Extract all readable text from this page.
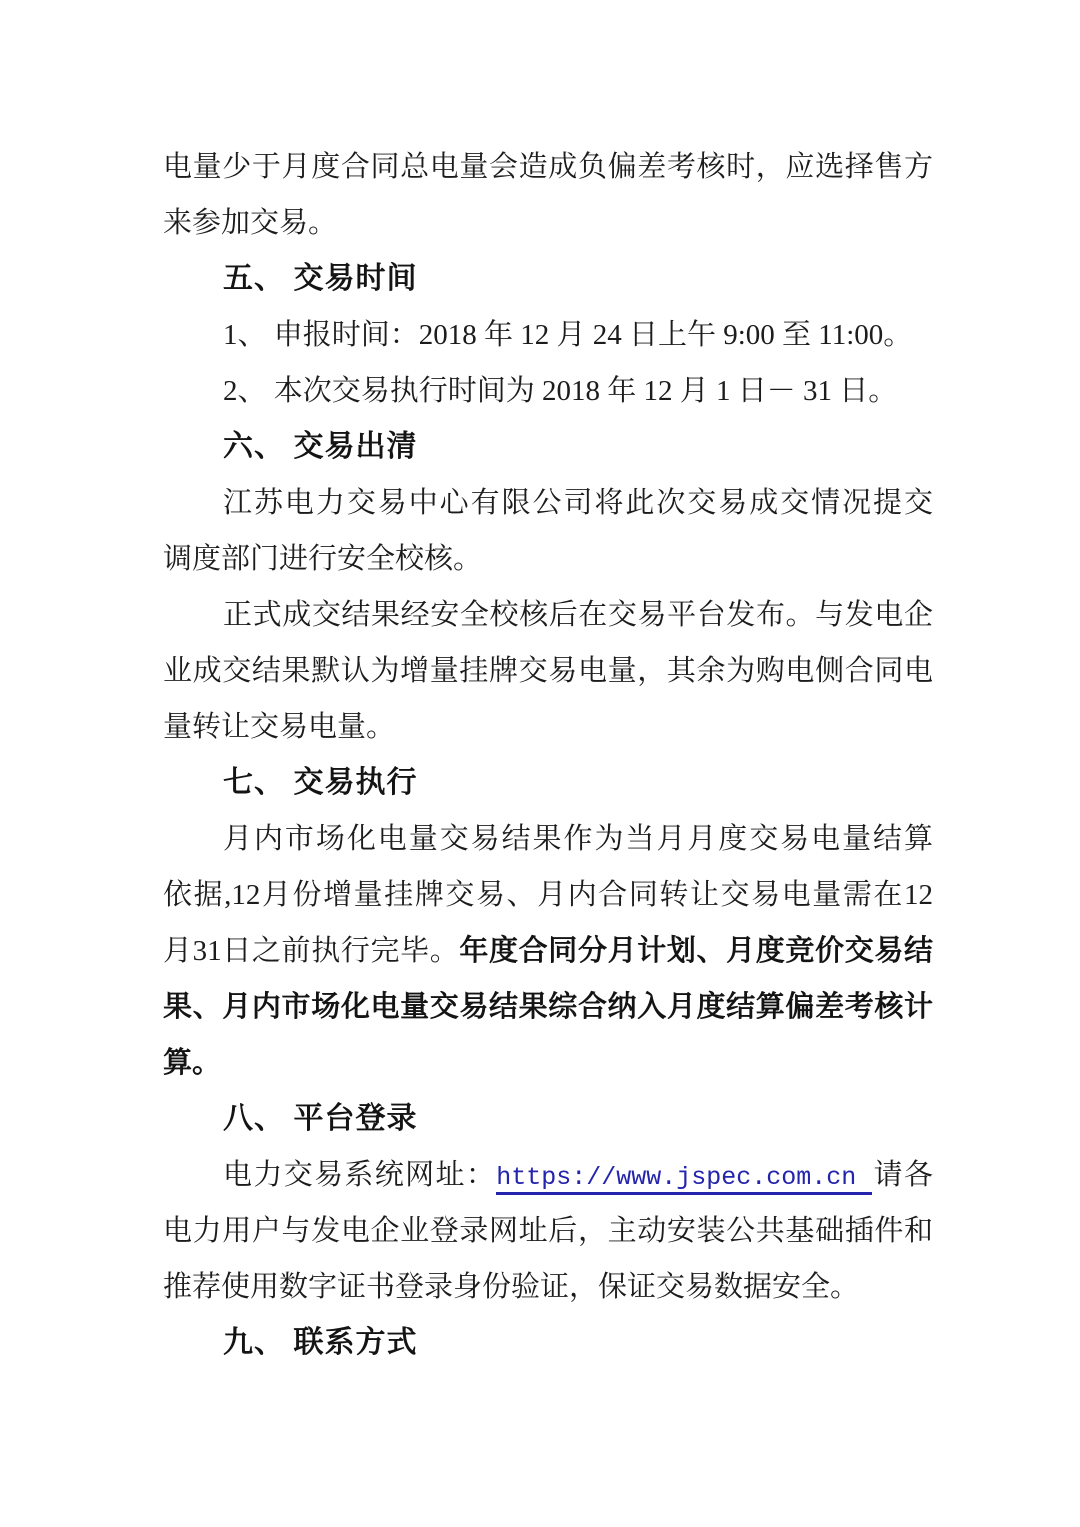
电量少于月度合同总电量会造成负偏差考核时，应选择售方
来参加交易。
五、 交易时间
1、 申报时间：2018 年 12 月 24 日上午 9:00 至 11:00。
2、 本次交易执行时间为 2018 年 12 月 1 日－ 31 日。
六、 交易出清
江苏电力交易中心有限公司将此次交易成交情况提交
调度部门进行安全校核。
正式成交结果经安全校核后在交易平台发布。与发电企
业成交结果默认为增量挂牌交易电量，其余为购电侧合同电
量转让交易电量。
七、 交易执行
月内市场化电量交易结果作为当月月度交易电量结算
依据,12月份增量挂牌交易、月内合同转让交易电量需在12
月31日之前执行完毕。年度合同分月计划、月度竞价交易结
果、月内市场化电量交易结果综合纳入月度结算偏差考核计
算。
八、 平台登录
电力交易系统网址：https://www.jspec.com.cn 请各
电力用户与发电企业登录网址后，主动安装公共基础插件和
推荐使用数字证书登录身份验证，保证交易数据安全。
九、 联系方式
